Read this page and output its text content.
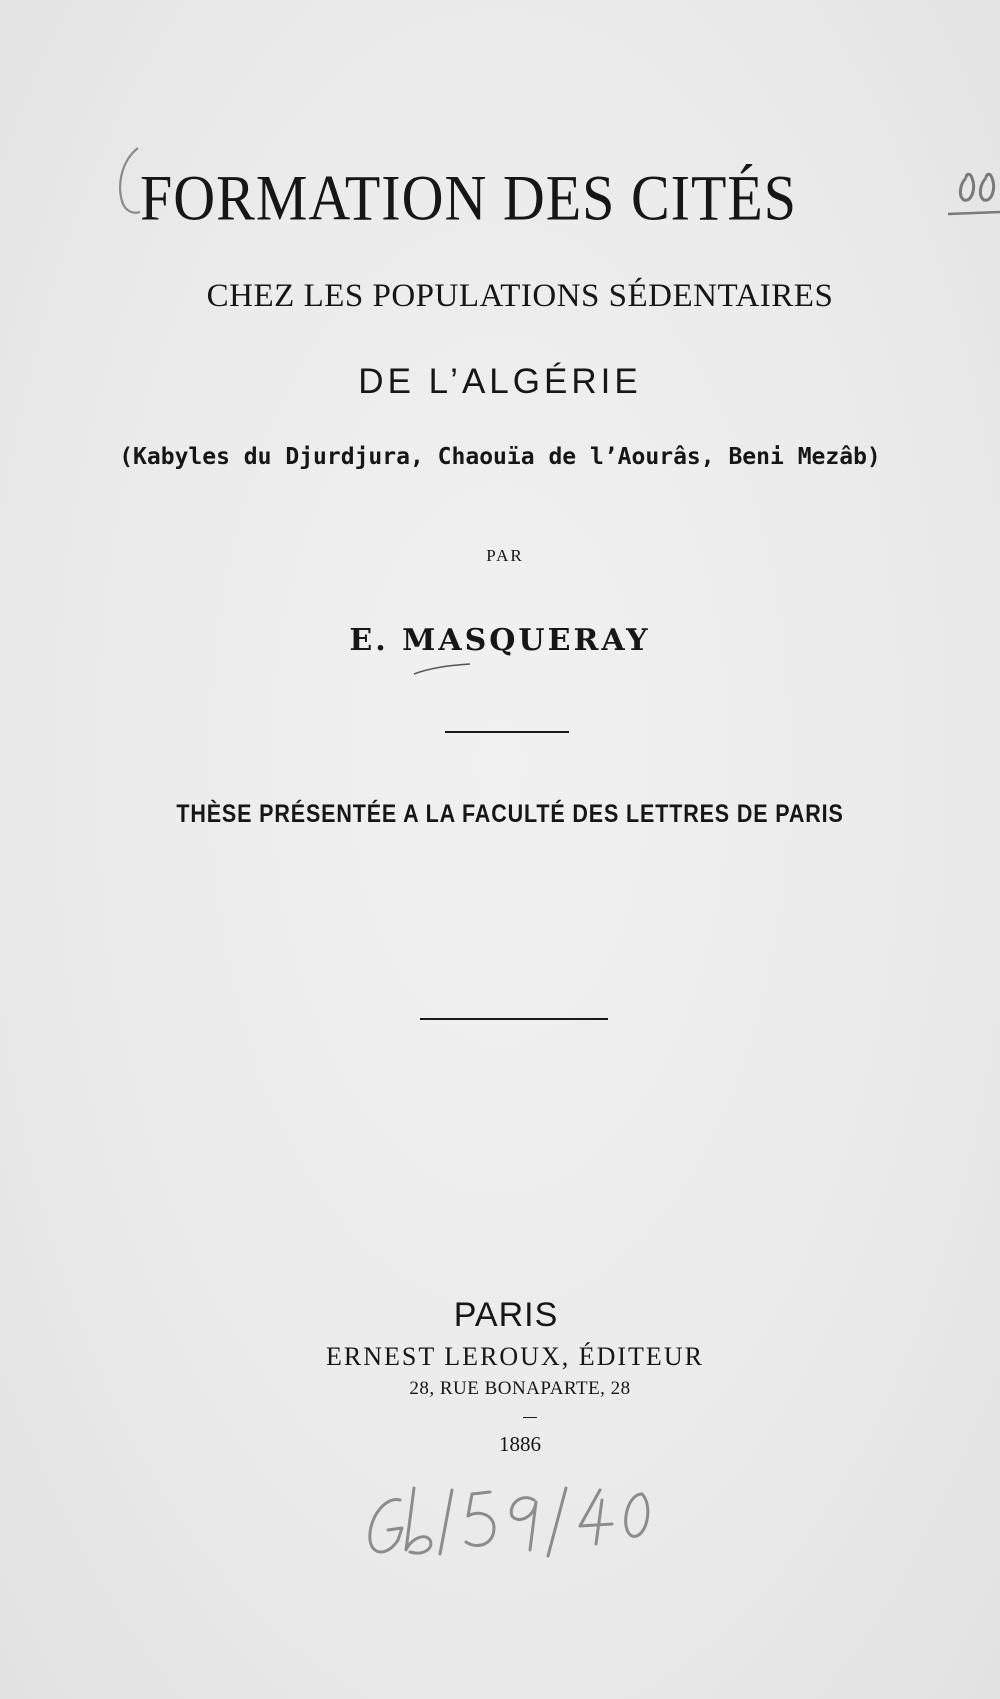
FORMATION DES CITÉS
CHEZ LES POPULATIONS SÉDENTAIRES
DE L’ALGÉRIE
(Kabyles du Djurdjura, Chaouïa de l’Aourâs, Beni Mezâb)
PAR
E. MASQUERAY
THÈSE PRÉSENTÉE A LA FACULTÉ DES LETTRES DE PARIS
PARIS
ERNEST LEROUX, ÉDITEUR
28, RUE BONAPARTE, 28
1886
